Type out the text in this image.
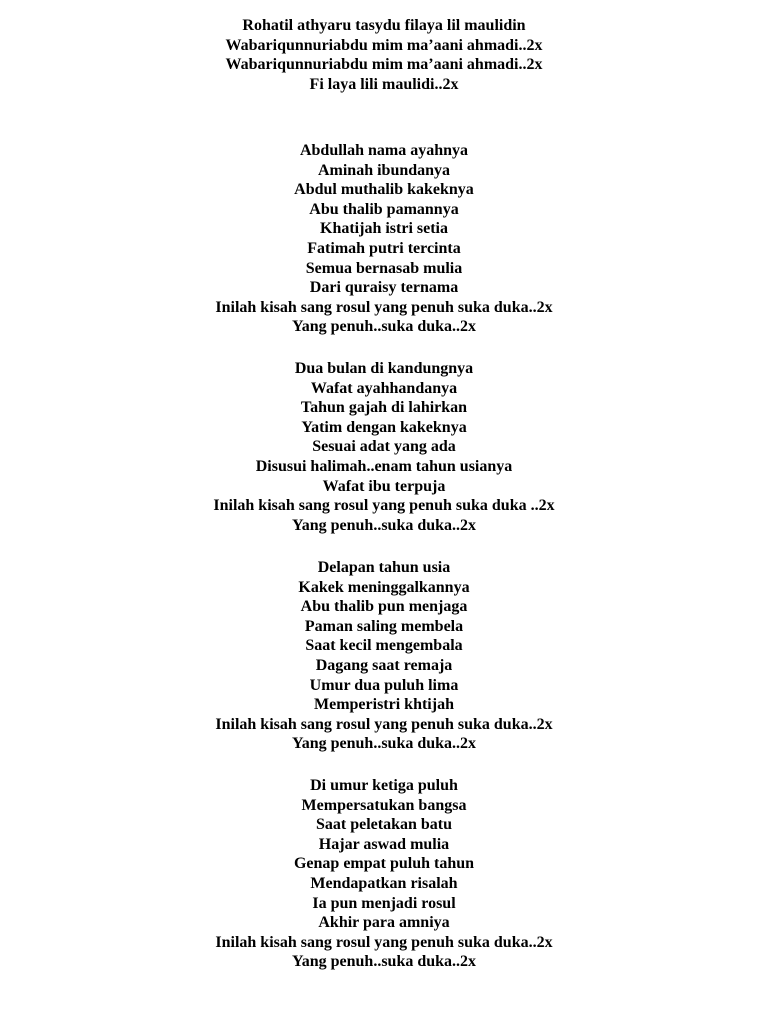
Rohatil athyaru tasydu filaya lil maulidin
Wabariqunnuriabdu mim ma’aani ahmadi..2x
Wabariqunnuriabdu mim ma’aani ahmadi..2x
Fi laya lili maulidi..2x
Abdullah nama ayahnya
Aminah ibundanya
Abdul muthalib kakeknya
Abu thalib pamannya
Khatijah istri setia
Fatimah putri tercinta
Semua bernasab mulia
Dari quraisy ternama
Inilah kisah sang rosul yang penuh suka duka..2x
Yang penuh..suka duka..2x
Dua bulan di kandungnya
Wafat ayahhandanya
Tahun gajah di lahirkan
Yatim dengan kakeknya
Sesuai adat yang ada
Disusui halimah..enam tahun usianya
Wafat ibu terpuja
Inilah kisah sang rosul yang penuh suka duka ..2x
Yang penuh..suka duka..2x
Delapan tahun usia
Kakek meninggalkannya
Abu thalib pun menjaga
Paman saling membela
Saat kecil mengembala
Dagang saat remaja
Umur dua puluh lima
Memperistri khtijah
Inilah kisah sang rosul yang penuh suka duka..2x
Yang penuh..suka duka..2x
Di umur ketiga puluh
Mempersatukan bangsa
Saat peletakan batu
Hajar aswad mulia
Genap empat puluh tahun
Mendapatkan risalah
Ia pun menjadi rosul
Akhir para amniya
Inilah kisah sang rosul yang penuh suka duka..2x
Yang penuh..suka duka..2x
